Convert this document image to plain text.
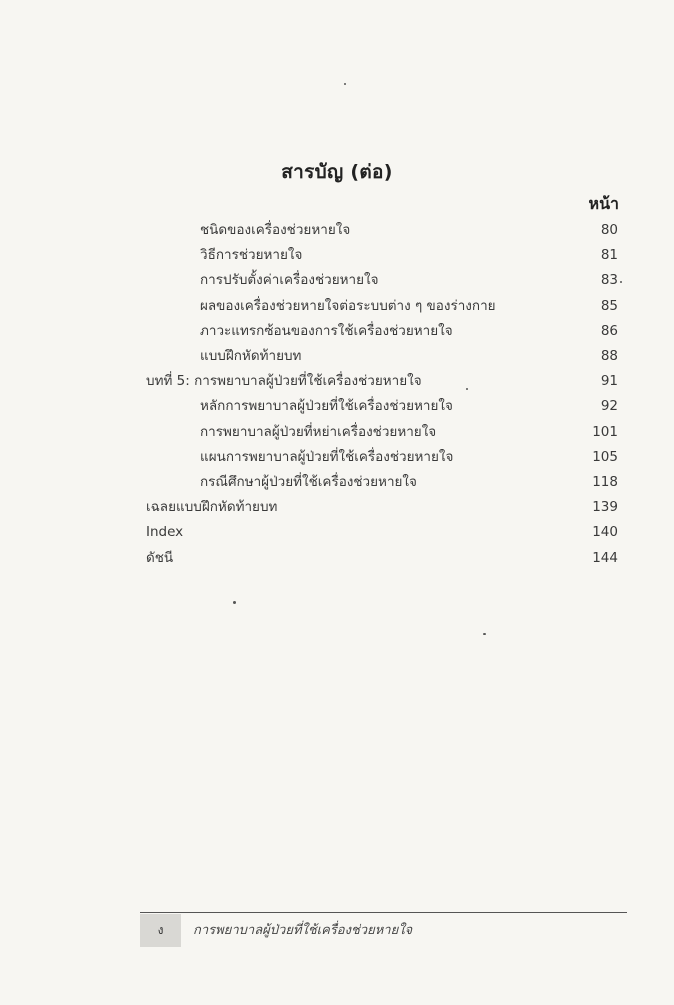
สารบัญ (ต่อ)
หน้า
ชนิดของเครื่องช่วยหายใจ	80
วิธีการช่วยหายใจ	81
การปรับตั้งค่าเครื่องช่วยหายใจ	83
ผลของเครื่องช่วยหายใจต่อระบบต่าง ๆ ของร่างกาย	85
ภาวะแทรกซ้อนของการใช้เครื่องช่วยหายใจ	86
แบบฝึกหัดท้ายบท	88
บทที่ 5: การพยาบาลผู้ป่วยที่ใช้เครื่องช่วยหายใจ	91
หลักการพยาบาลผู้ป่วยที่ใช้เครื่องช่วยหายใจ	92
การพยาบาลผู้ป่วยที่หย่าเครื่องช่วยหายใจ	101
แผนการพยาบาลผู้ป่วยที่ใช้เครื่องช่วยหายใจ	105
กรณีศึกษาผู้ป่วยที่ใช้เครื่องช่วยหายใจ	118
เฉลยแบบฝึกหัดท้ายบท	139
Index	140
ดัชนี	144
ง	การพยาบาลผู้ป่วยที่ใช้เครื่องช่วยหายใจ
